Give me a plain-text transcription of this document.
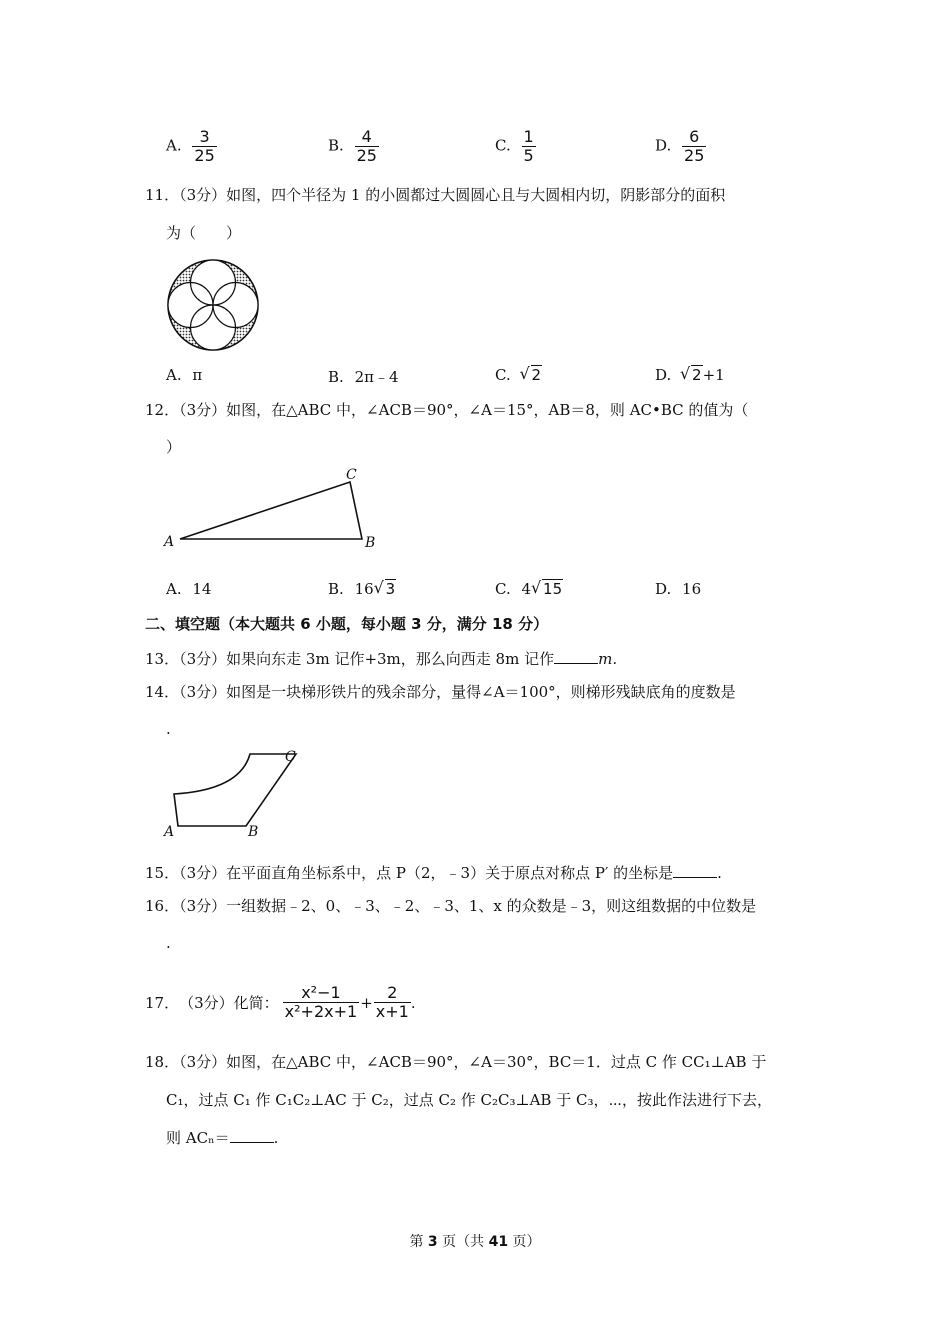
A. $\frac{3}{25}$	B. $\frac{4}{25}$	C. $\frac{1}{5}$	D. $\frac{6}{25}$
11．（3分）如图，四个半径为 1 的小圆都过大圆圆心且与大圆相内切，阴影部分的面积
为（　　）
A. π	B. 2π﹣4	C. √ 2	D. √ 2+1
12．（3分）如图，在△ABC 中，∠ACB＝90°，∠A＝15°，AB＝8，则 AC•BC 的值为（
）
A	B
C
A. 14	B. 16 √ 3	C. 4 √ 15	D. 16
二、填空题（本大题共 6 小题，每小题 3 分，满分 18 分）
13．（3分）如果向东走 3m 记作+3m，那么向西走 8m 记作	m.
14．（3分）如图是一块梯形铁片的残余部分，量得∠A＝100°，则梯形残缺底角的度数是
.
A	B
C
15．（3分）在平面直角坐标系中，点 P（2，﹣3）关于原点对称点 P′ 的坐标是	.
16．（3分）一组数据﹣2、0、﹣3、﹣2、﹣3、1、x 的众数是﹣3，则这组数据的中位数是
.
17． （3分） 化简： $\frac{\text{x²−1}}{\text{x²+2x+1}} + \frac{2}{x+1}$ .
18．（3分）如图，在△ABC 中，∠ACB＝90°，∠A＝30°，BC＝1．过点 C 作 CC₁⊥AB 于
C₁，过点 C₁ 作 C₁C₂⊥AC 于 C₂，过点 C₂ 作 C₂C₃⊥AB 于 C₃，⋯，按此作法进行下去，
则 ACₙ＝	.
第 3 页（共 41 页）
